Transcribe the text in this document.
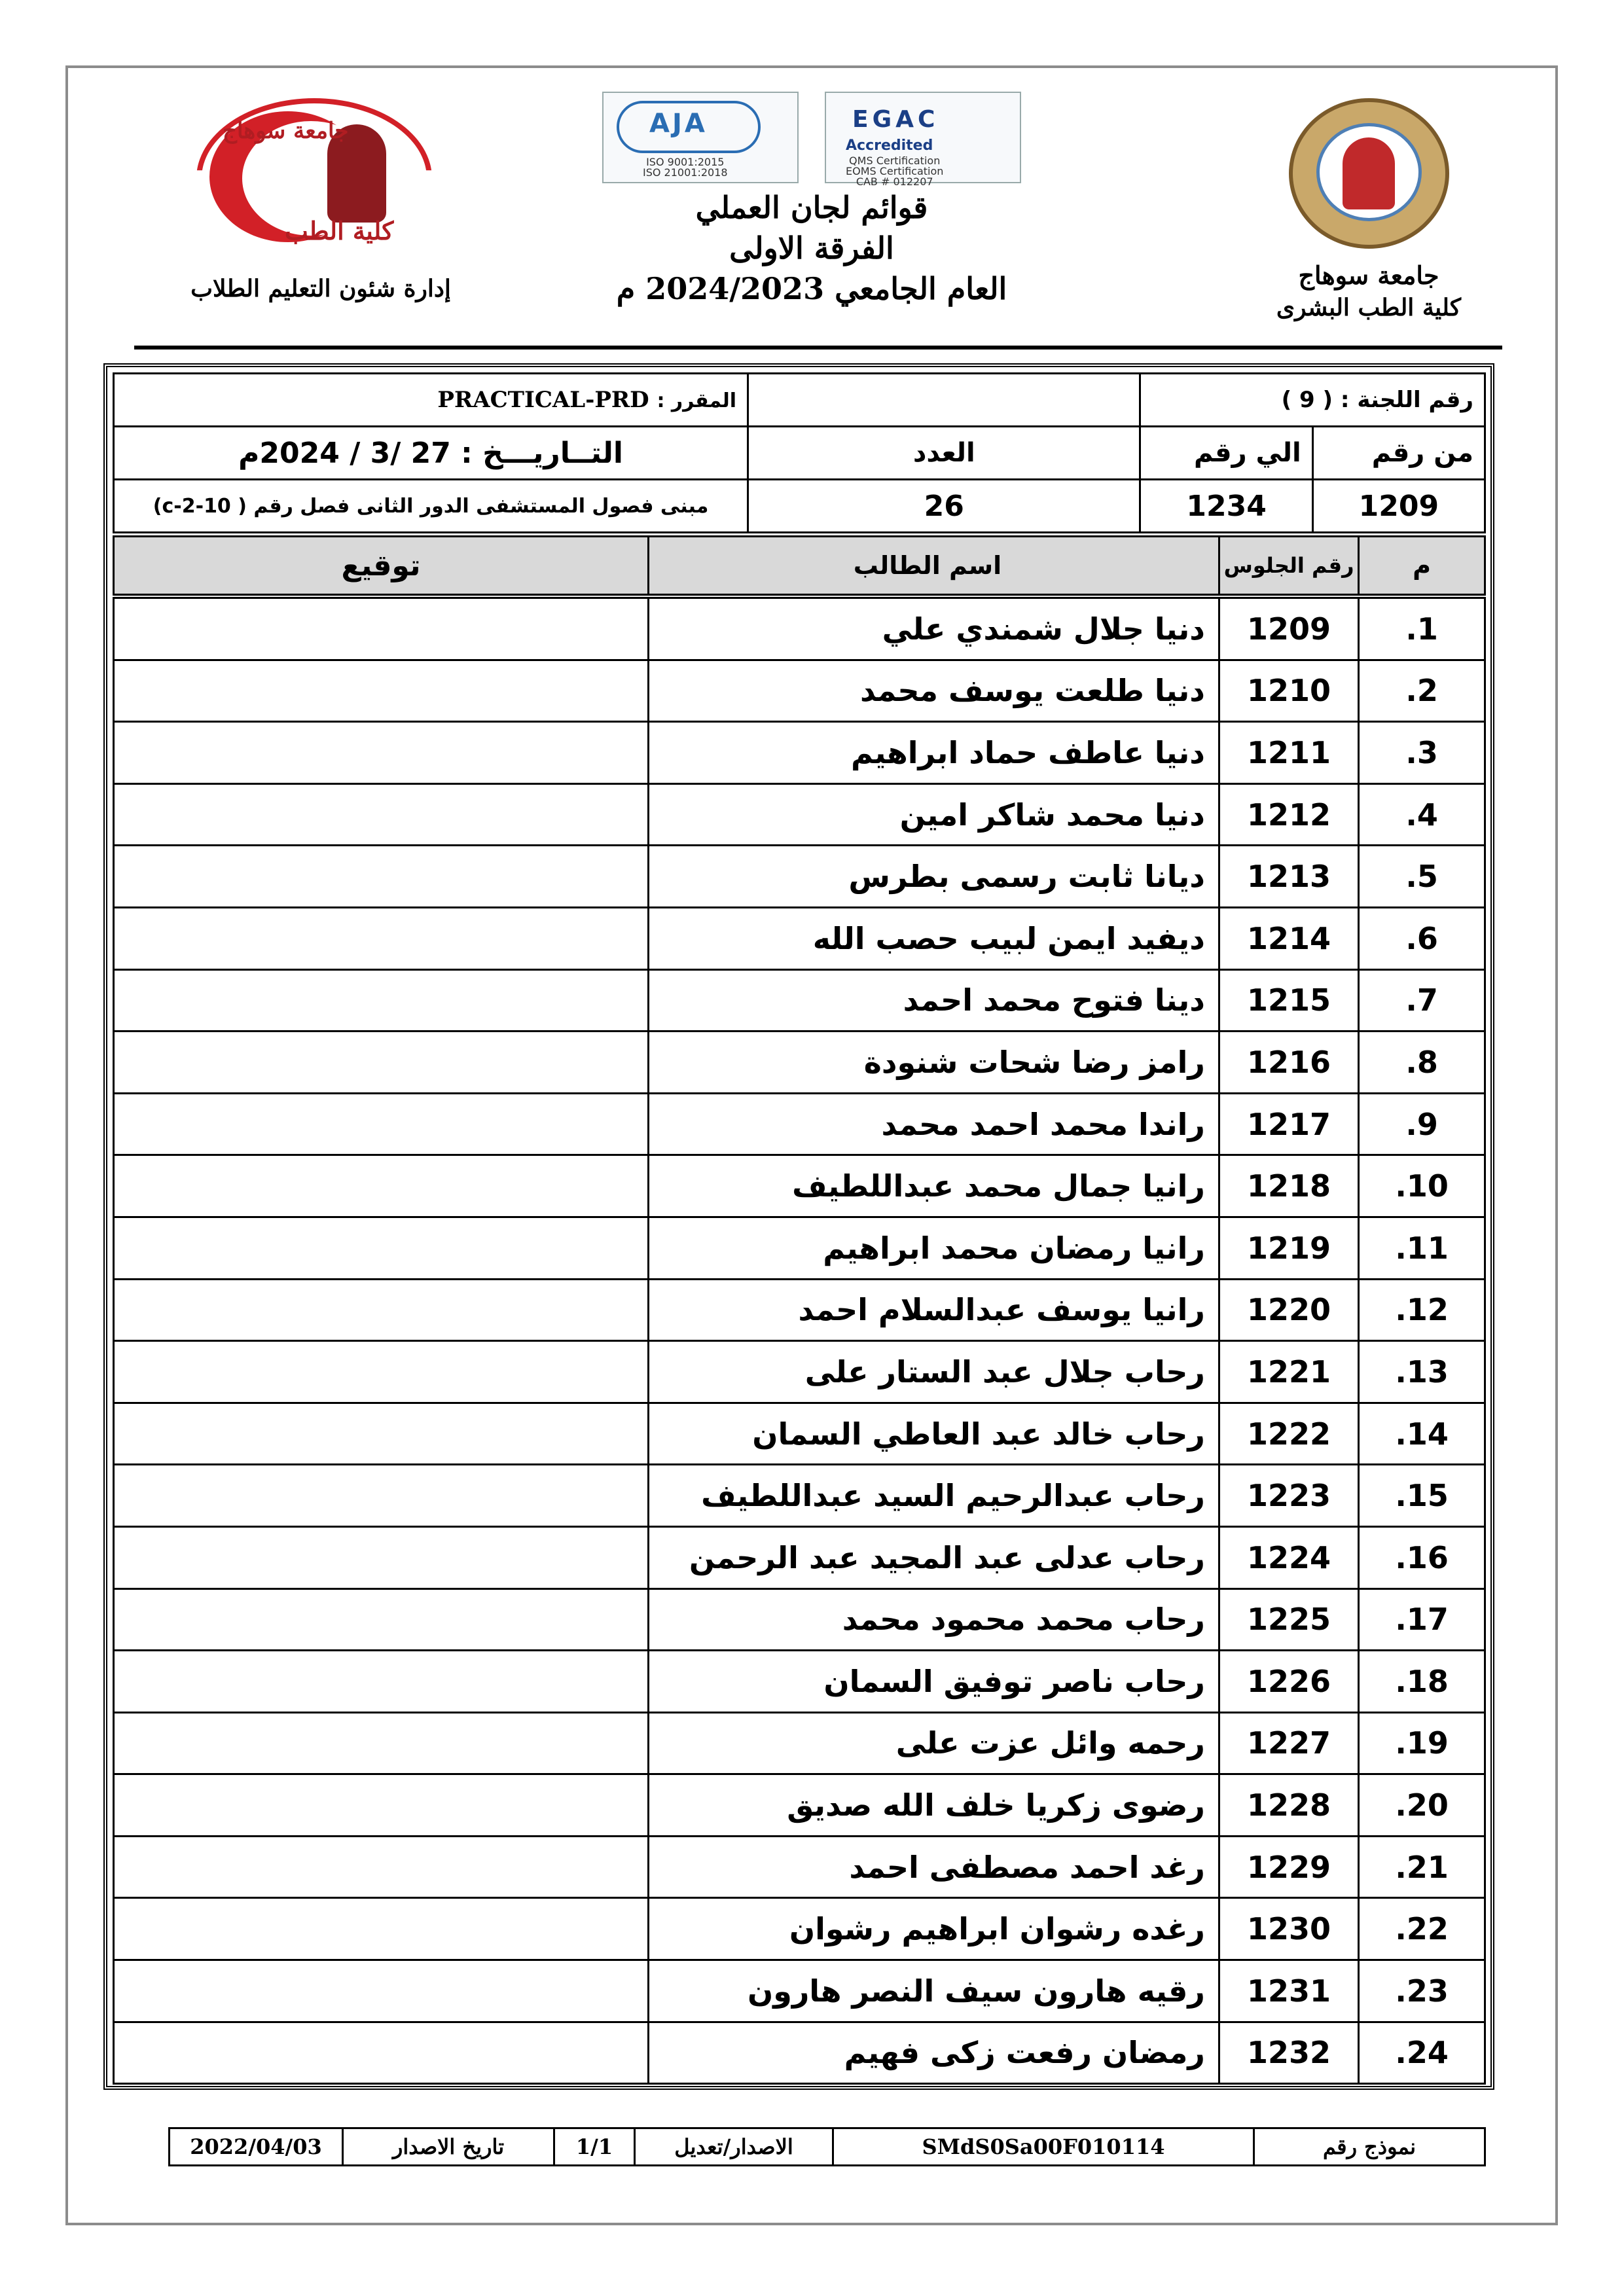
جامعة سوهاج
كلية الطب البشرى
جامعة سوهاج
كلية الطب
إدارة شئون التعليم الطلاب
EGAC
Accredited
QMS Certification
EOMS Certification
CAB # 012207
AJA
ISO 9001:2015
ISO 21001:2018
قوائم لجان العملي
الفرقة الاولى
العام الجامعي 2024/2023 م
رقم اللجنة : ( 9 )			المقرر : PRACTICAL-PRD
من رقم	الي رقم	العدد	التــاريـــخ : 27 /3 / 2024م
1209	1234	26	مبنى فصول المستشفى الدور الثانى فصل رقم ( 10-2-c)
م	رقم الجلوس	اسم الطالب	توقيع
1.	1209	دنيا جلال شمندي علي	
2.	1210	دنيا طلعت يوسف محمد	
3.	1211	دنيا عاطف حماد ابراهيم	
4.	1212	دنيا محمد شاكر امين	
5.	1213	ديانا ثابت رسمى بطرس	
6.	1214	ديفيد ايمن لبيب حصب الله	
7.	1215	دينا فتوح محمد احمد	
8.	1216	رامز رضا شحات شنودة	
9.	1217	راندا محمد احمد محمد	
10.	1218	رانيا جمال محمد عبداللطيف	
11.	1219	رانيا رمضان محمد ابراهيم	
12.	1220	رانيا يوسف عبدالسلام احمد	
13.	1221	رحاب جلال عبد الستار على	
14.	1222	رحاب خالد عبد العاطي السمان	
15.	1223	رحاب عبدالرحيم السيد عبداللطيف	
16.	1224	رحاب عدلى عبد المجيد عبد الرحمن	
17.	1225	رحاب محمد محمود محمد	
18.	1226	رحاب ناصر توفيق السمان	
19.	1227	رحمه وائل عزت على	
20.	1228	رضوى زكريا خلف الله صديق	
21.	1229	رغد احمد مصطفى احمد	
22.	1230	رغده رشوان ابراهيم رشوان	
23.	1231	رقيه هارون سيف النصر هارون	
24.	1232	رمضان رفعت زكى فهيم	
نموذج رقم	SMdS0Sa00F010114	الاصدار/تعديل	1/1	تاريخ الاصدار	2022/04/03
